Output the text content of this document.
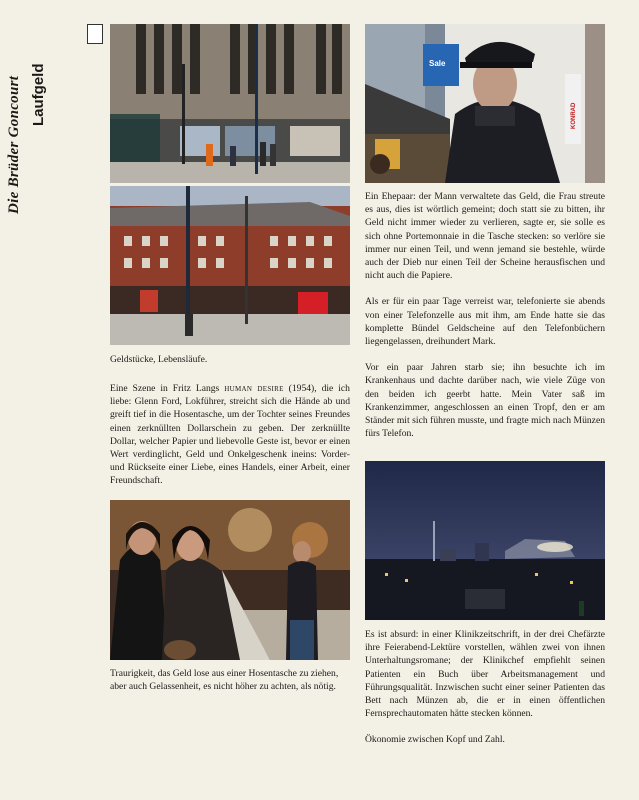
Die Brüder Goncourt Laufgeld
Geldstücke, Lebensläufe.

Eine Szene in Fritz Langs human desire (1954), die ich liebe: Glenn Ford, Lokführer, streicht sich die Hände ab und greift tief in die Hosentasche, um der Tochter seines Freundes einen zerknüllten Dollarschein zu geben. Der zerknüllte Dollar, welcher Papier und liebevolle Geste ist, bevor er einen Wert verdinglicht, Geld und Onkelgeschenk ineins: Vorder- und Rückseite einer Liebe, eines Handels, einer Arbeit, einer Freundschaft.

Traurigkeit, das Geld lose aus einer Hosentasche zu ziehen, aber auch Gelassenheit, es nicht höher zu achten, als nötig.
Sale
KONRAD

Ein Ehepaar: der Mann verwaltete das Geld, die Frau streute es aus, dies ist wörtlich gemeint; doch statt sie zu bitten, ihr Geld nicht immer wieder zu verlieren, sagte er, sie solle es sich ohne Portemonnaie in die Tasche stecken: so verlöre sie immer nur einen Teil, und wenn jemand sie bestehle, würde auch der Dieb nur einen Teil der Scheine herausfischen und nicht auch die Papiere.

Als er für ein paar Tage verreist war, telefonierte sie abends von einer Telefonzelle aus mit ihm, am Ende hatte sie das komplette Bündel Geldscheine auf den Telefonbüchern liegengelassen, dreihundert Mark.

Vor ein paar Jahren starb sie; ihn besuchte ich im Krankenhaus und dachte darüber nach, wie viele Züge von den beiden ich geerbt hatte. Mein Vater saß im Krankenzimmer, angeschlossen an einen Tropf, den er am Ständer mit sich führen musste, und fragte mich nach Münzen fürs Telefon.

Es ist absurd: in einer Klinikzeitschrift, in der drei Chefärzte ihre Feierabend-Lektüre vorstellen, wählen zwei von ihnen Unterhaltungsromane; der Klinikchef empfiehlt seinen Patienten ein Buch über Arbeitsmanagement und Führungsqualität. Inzwischen sucht einer seiner Patienten das Bett nach Münzen ab, die er in einen öffentlichen Fernsprechautomaten hätte stecken können.

Ökonomie zwischen Kopf und Zahl.
